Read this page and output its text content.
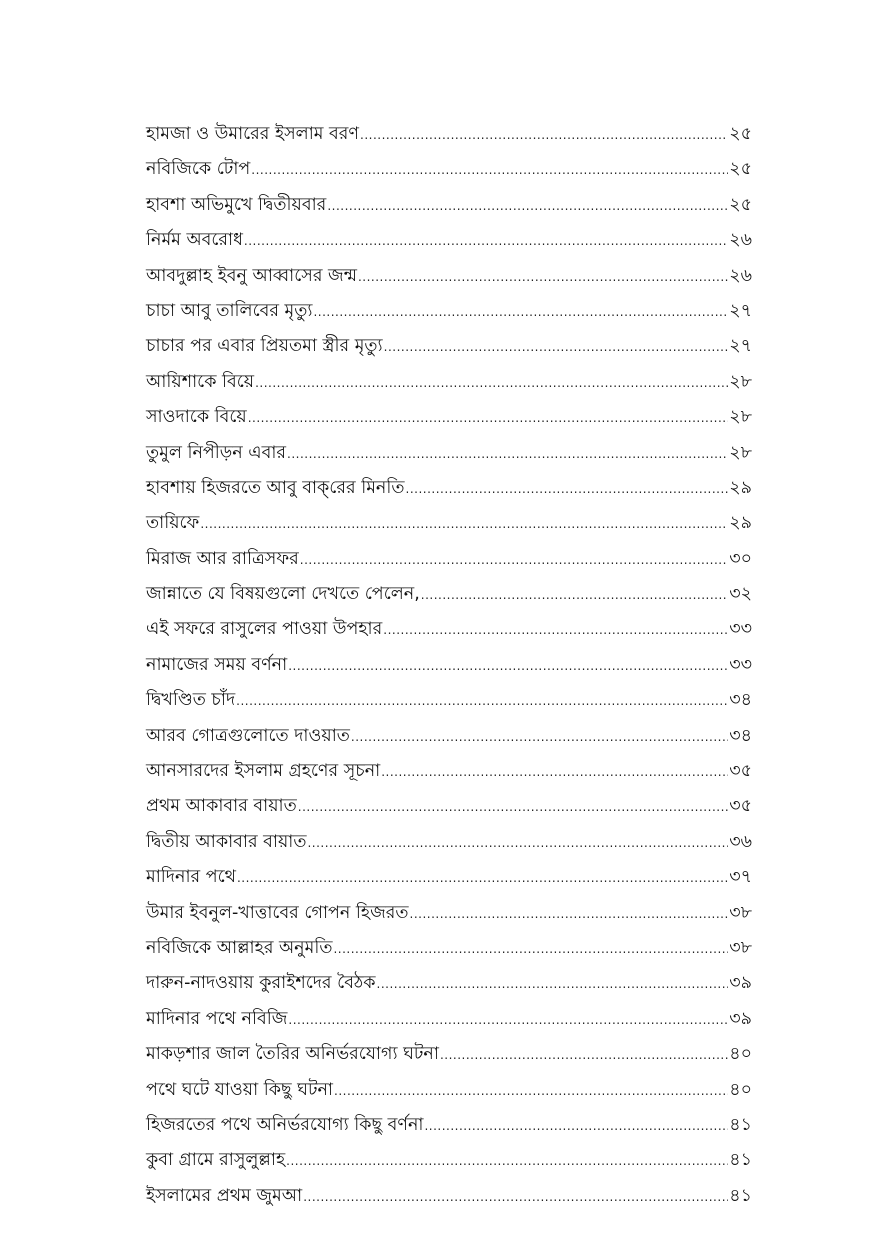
হামজা ও উমারের ইসলাম বরণ .....	২৫
নবিজিকে টোপ .....	২৫
হাবশা অভিমুখে দ্বিতীয়বার .....	২৫
নির্মম অবরোধ .....	২৬
আবদুল্লাহ ইবনু আব্বাসের জন্ম .....	২৬
চাচা আবু তালিবের মৃত্যু .....	২৭
চাচার পর এবার প্রিয়তমা স্ত্রীর মৃত্যু .....	২৭
আয়িশাকে বিয়ে .....	২৮
সাওদাকে বিয়ে .....	২৮
তুমুল নিপীড়ন এবার .....	২৮
হাবশায় হিজরতে আবু বাক্‌রের মিনতি .....	২৯
তায়িফে .....	২৯
মিরাজ আর রাত্রিসফর .....	৩০
জান্নাতে যে বিষয়গুলো দেখতে পেলেন, .....	৩২
এই সফরে রাসুলের পাওয়া উপহার .....	৩৩
নামাজের সময় বর্ণনা .....	৩৩
দ্বিখণ্ডিত চাঁদ .....	৩৪
আরব গোত্রগুলোতে দাওয়াত .....	৩৪
আনসারদের ইসলাম গ্রহণের সূচনা .....	৩৫
প্রথম আকাবার বায়াত .....	৩৫
দ্বিতীয় আকাবার বায়াত .....	৩৬
মাদিনার পথে .....	৩৭
উমার ইবনুল-খাত্তাবের গোপন হিজরত .....	৩৮
নবিজিকে আল্লাহর অনুমতি .....	৩৮
দারুন-নাদওয়ায় কুরাইশদের বৈঠক .....	৩৯
মাদিনার পথে নবিজি .....	৩৯
মাকড়শার জাল তৈরির অনির্ভরযোগ্য ঘটনা .....	৪০
পথে ঘটে যাওয়া কিছু ঘটনা .....	৪০
হিজরতের পথে অনির্ভরযোগ্য কিছু বর্ণনা .....	৪১
কুবা গ্রামে রাসুলুল্লাহ .....	৪১
ইসলামের প্রথম জুমআ .....	৪১
